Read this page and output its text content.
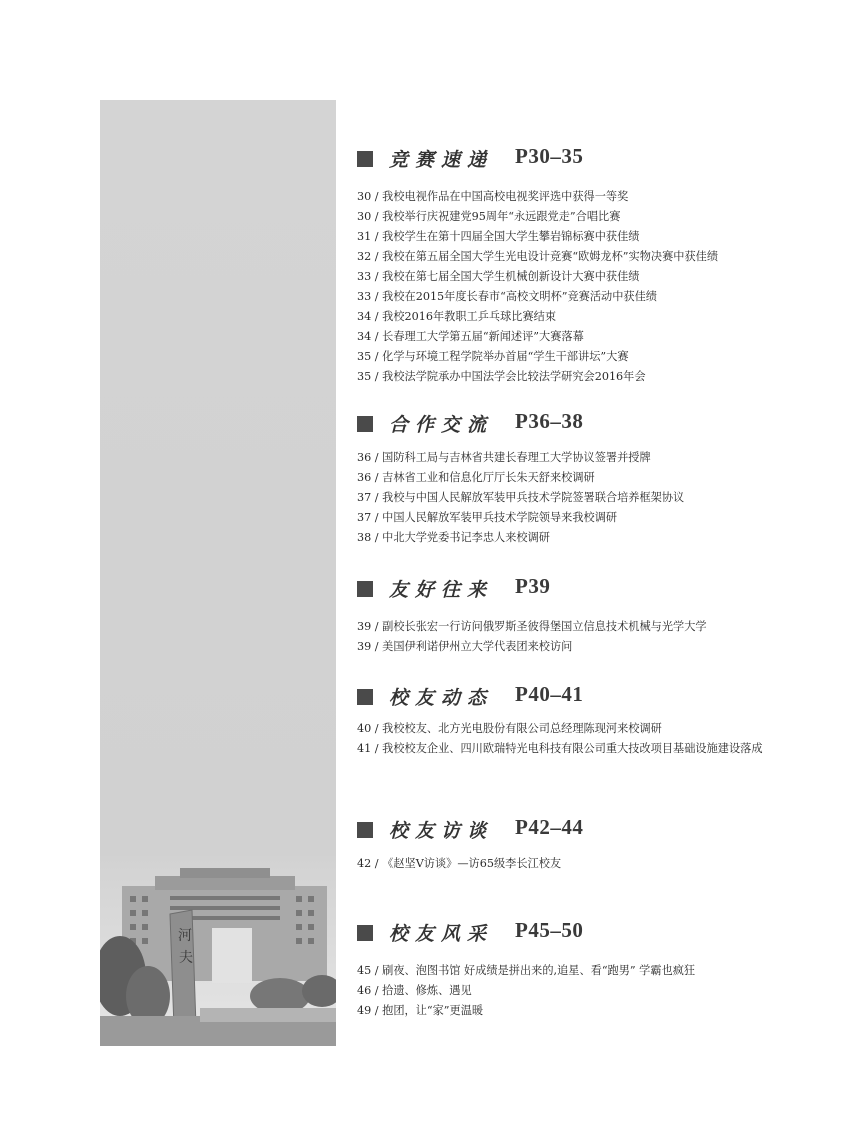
河
夫
竞赛速递 P30–35
30 / 我校电视作品在中国高校电视奖评选中获得一等奖
30 / 我校举行庆祝建党95周年“永远跟党走”合唱比赛
31 / 我校学生在第十四届全国大学生攀岩锦标赛中获佳绩
32 / 我校在第五届全国大学生光电设计竞赛“欧姆龙杯”实物决赛中获佳绩
33 / 我校在第七届全国大学生机械创新设计大赛中获佳绩
33 / 我校在2015年度长春市“高校文明杯”竞赛活动中获佳绩
34 / 我校2016年教职工乒乓球比赛结束
34 / 长春理工大学第五届“新闻述评”大赛落幕
35 / 化学与环境工程学院举办首届“学生干部讲坛”大赛
35 / 我校法学院承办中国法学会比较法学研究会2016年会
合作交流 P36–38
36 / 国防科工局与吉林省共建长春理工大学协议签署并授牌
36 / 吉林省工业和信息化厅厅长朱天舒来校调研
37 / 我校与中国人民解放军装甲兵技术学院签署联合培养框架协议
37 / 中国人民解放军装甲兵技术学院领导来我校调研
38 / 中北大学党委书记李忠人来校调研
友好往来 P39
39 / 副校长张宏一行访问俄罗斯圣彼得堡国立信息技术机械与光学大学
39 / 美国伊利诺伊州立大学代表团来校访问
校友动态 P40–41
40 / 我校校友、北方光电股份有限公司总经理陈现河来校调研
41 / 我校校友企业、四川欧瑞特光电科技有限公司重大技改项目基础设施建设落成
校友访谈 P42–44
42 / 《赵坚V访谈》—访65级李长江校友
校友风采 P45–50
45 / 刷夜、泡图书馆 好成绩是拼出来的,追星、看“跑男” 学霸也疯狂
46 / 拾遗、修炼、遇见
49 / 抱团，让“家”更温暖
